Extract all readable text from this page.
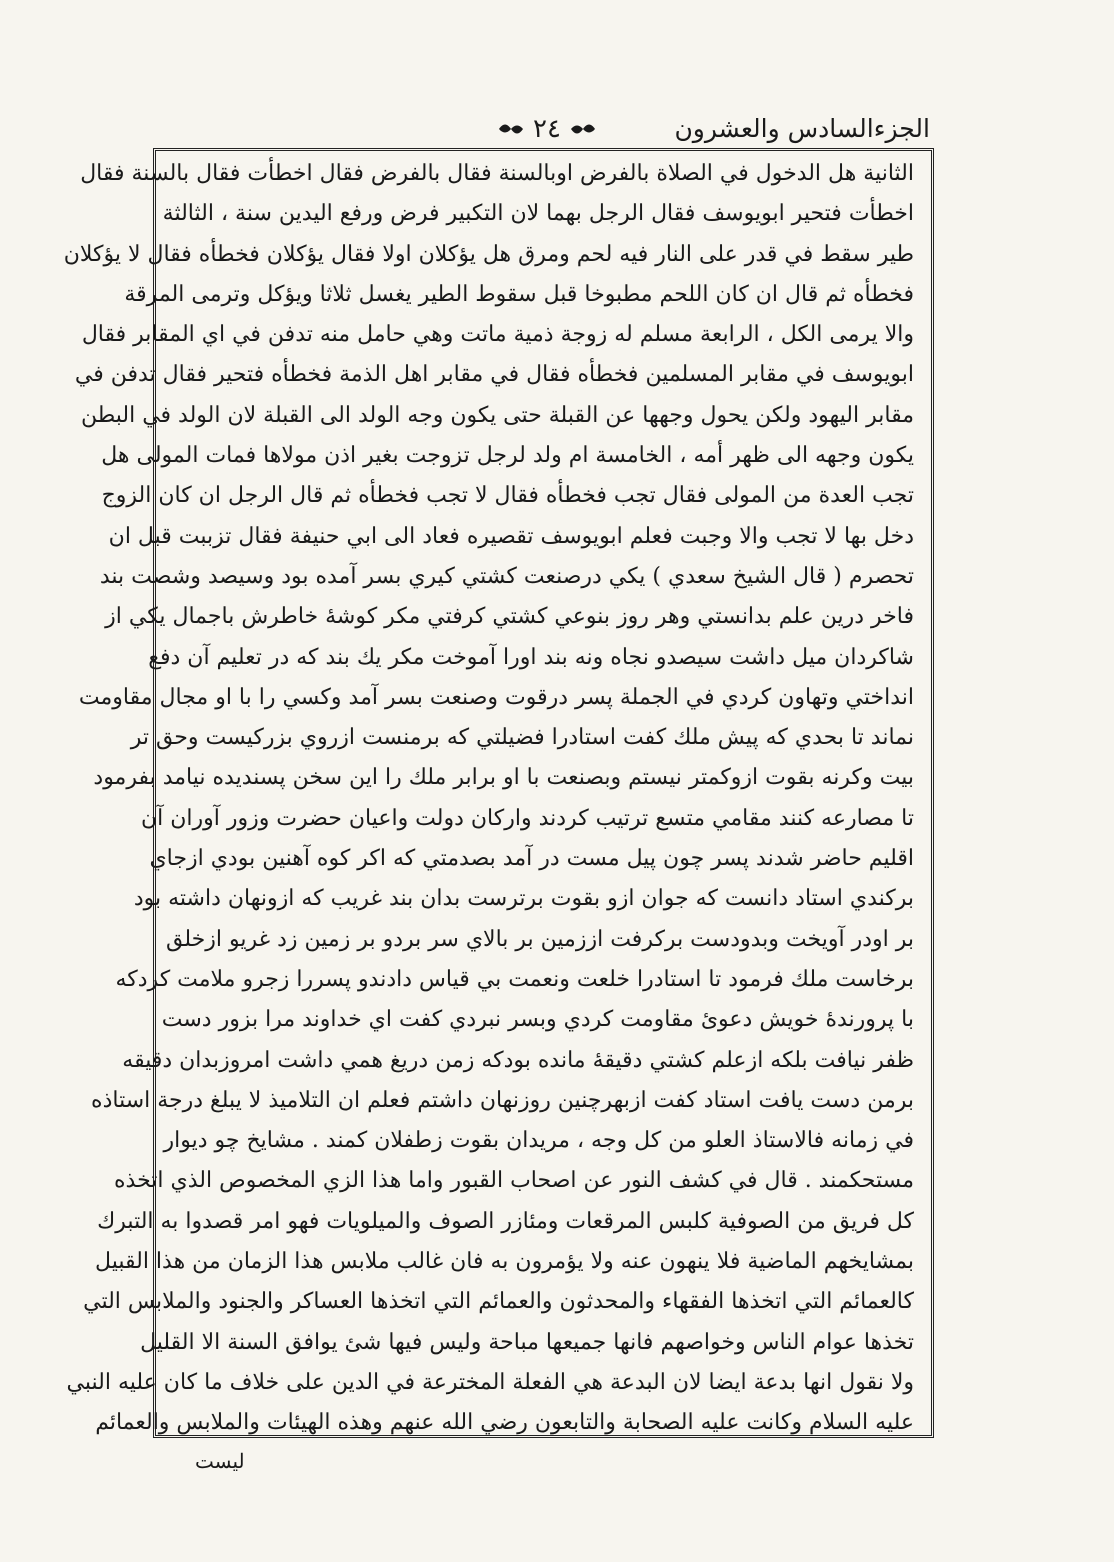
الجزءالسادس والعشرون
٢٤
الثانية هل الدخول في الصلاة بالفرض اوبالسنة فقال بالفرض فقال اخطأت فقال بالسنة فقال
اخطأت فتحير ابويوسف فقال الرجل بهما لان التكبير فرض ورفع اليدين سنة ، الثالثة
طير سقط في قدر على النار فيه لحم ومرق هل يؤكلان اولا فقال يؤكلان فخطأه فقال لا يؤكلان
فخطأه ثم قال ان كان اللحم مطبوخا قبل سقوط الطير يغسل ثلاثا ويؤكل وترمى المرقة
والا يرمى الكل ، الرابعة مسلم له زوجة ذمية ماتت وهي حامل منه تدفن في اي المقابر فقال
ابويوسف في مقابر المسلمين فخطأه فقال في مقابر اهل الذمة فخطأه فتحير فقال تدفن في
مقابر اليهود ولكن يحول وجهها عن القبلة حتى يكون وجه الولد الى القبلة لان الولد في البطن
يكون وجهه الى ظهر أمه ، الخامسة ام ولد لرجل تزوجت بغير اذن مولاها فمات المولى هل
تجب العدة من المولى فقال تجب فخطأه فقال لا تجب فخطأه ثم قال الرجل ان كان الزوج
دخل بها لا تجب والا وجبت فعلم ابويوسف تقصيره فعاد الى ابي حنيفة فقال تزببت قبل ان
تحصرم ( قال الشيخ سعدي ) يكي درصنعت كشتي كيري بسر آمده بود وسيصد وشصت بند
فاخر درين علم بدانستي وهر روز بنوعي كشتي كرفتي مكر كوشهٔ خاطرش باجمال يكي از
شاكردان ميل داشت سيصدو نجاه ونه بند اورا آموخت مكر يك بند كه در تعليم آن دفع
انداختي وتهاون كردي في الجملة پسر درقوت وصنعت بسر آمد وكسي را با او مجال مقاومت
نماند تا بحدي كه پيش ملك كفت استادرا فضيلتي كه برمنست ازروي بزركيست وحق تر
بيت وكرنه بقوت ازوكمتر نيستم وبصنعت با او برابر ملك را اين سخن پسنديده نيامد بفرمود
تا مصارعه كنند مقامي متسع ترتيب كردند واركان دولت واعيان حضرت وزور آوران آن
اقليم حاضر شدند پسر چون پيل مست در آمد بصدمتي كه اكر كوه آهنين بودي ازجاي
بركندي استاد دانست كه جوان ازو بقوت برترست بدان بند غريب كه ازونهان داشته بود
بر اودر آويخت وبدودست بركرفت اززمين بر بالاي سر بردو بر زمين زد غريو ازخلق
برخاست ملك فرمود تا استادرا خلعت ونعمت بي قياس دادندو پسررا زجرو ملامت كردكه
با پرورندهٔ خويش دعوئ مقاومت كردي وبسر نبردي كفت اي خداوند مرا بزور دست
ظفر نيافت بلكه ازعلم كشتي دقيقهٔ مانده بودكه زمن دريغ همي داشت امروزبدان دقيقه
برمن دست يافت استاد كفت ازبهرچنين روزنهان داشتم فعلم ان التلاميذ لا يبلغ درجة استاذه
في زمانه فالاستاذ العلو من كل وجه ، مريدان بقوت زطفلان كمند . مشايخ چو ديوار
مستحكمند . قال في كشف النور عن اصحاب القبور واما هذا الزي المخصوص الذي اتخذه
كل فريق من الصوفية كلبس المرقعات ومئازر الصوف والميلويات فهو امر قصدوا به التبرك
بمشايخهم الماضية فلا ينهون عنه ولا يؤمرون به فان غالب ملابس هذا الزمان من هذا القبيل
كالعمائم التي اتخذها الفقهاء والمحدثون والعمائم التي اتخذها العساكر والجنود والملابس التي
تخذها عوام الناس وخواصهم فانها جميعها مباحة وليس فيها شئ يوافق السنة الا القليل
ولا نقول انها بدعة ايضا لان البدعة هي الفعلة المخترعة في الدين على خلاف ما كان عليه النبي
عليه السلام وكانت عليه الصحابة والتابعون رضي الله عنهم وهذه الهيئات والملابس والعمائم
ليست
